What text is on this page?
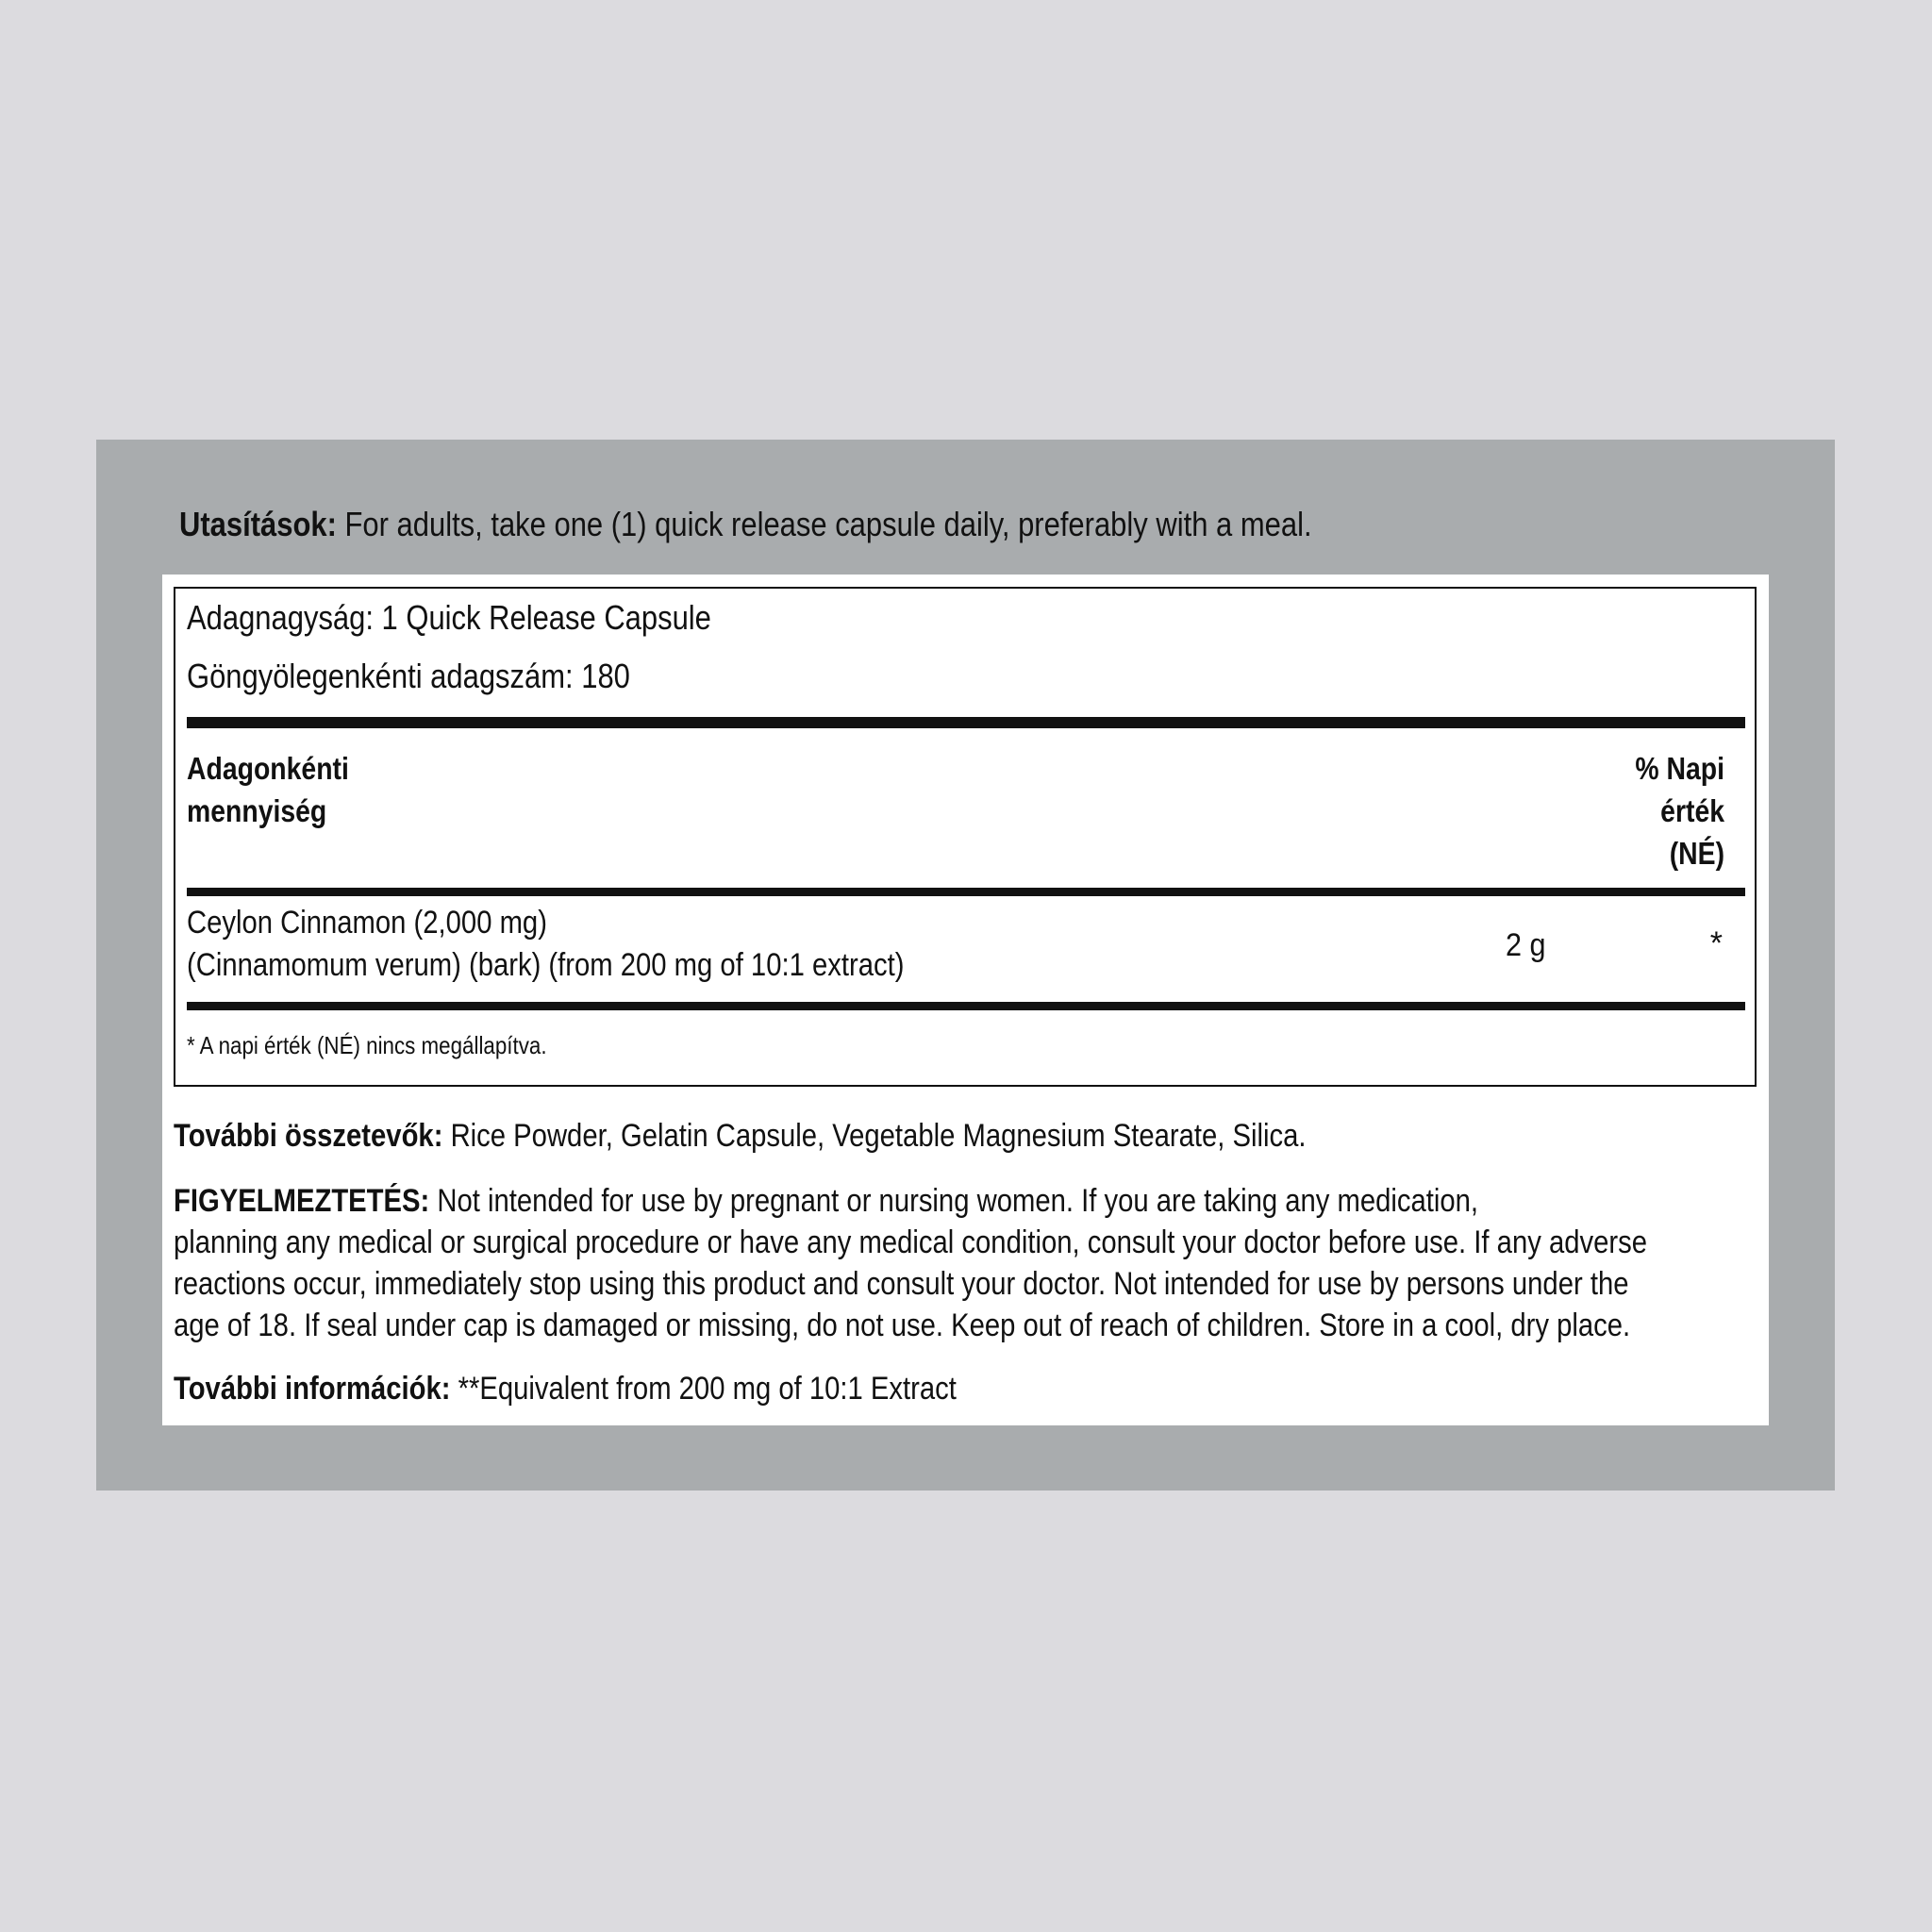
Utasítások: For adults, take one (1) quick release capsule daily, preferably with a meal.
Adagnagyság: 1 Quick Release Capsule
Göngyölegenkénti adagszám: 180
Adagonkénti
mennyiség
% Napi
érték
(NÉ)
Ceylon Cinnamon (2,000 mg)
(Cinnamomum verum) (bark) (from 200 mg of 10:1 extract)
2 g	*
* A napi érték (NÉ) nincs megállapítva.
További összetevők: Rice Powder, Gelatin Capsule, Vegetable Magnesium Stearate, Silica.
FIGYELMEZTETÉS: Not intended for use by pregnant or nursing women. If you are taking any medication,
planning any medical or surgical procedure or have any medical condition, consult your doctor before use. If any adverse
reactions occur, immediately stop using this product and consult your doctor. Not intended for use by persons under the
age of 18. If seal under cap is damaged or missing, do not use. Keep out of reach of children. Store in a cool, dry place.
További információk: **Equivalent from 200 mg of 10:1 Extract
